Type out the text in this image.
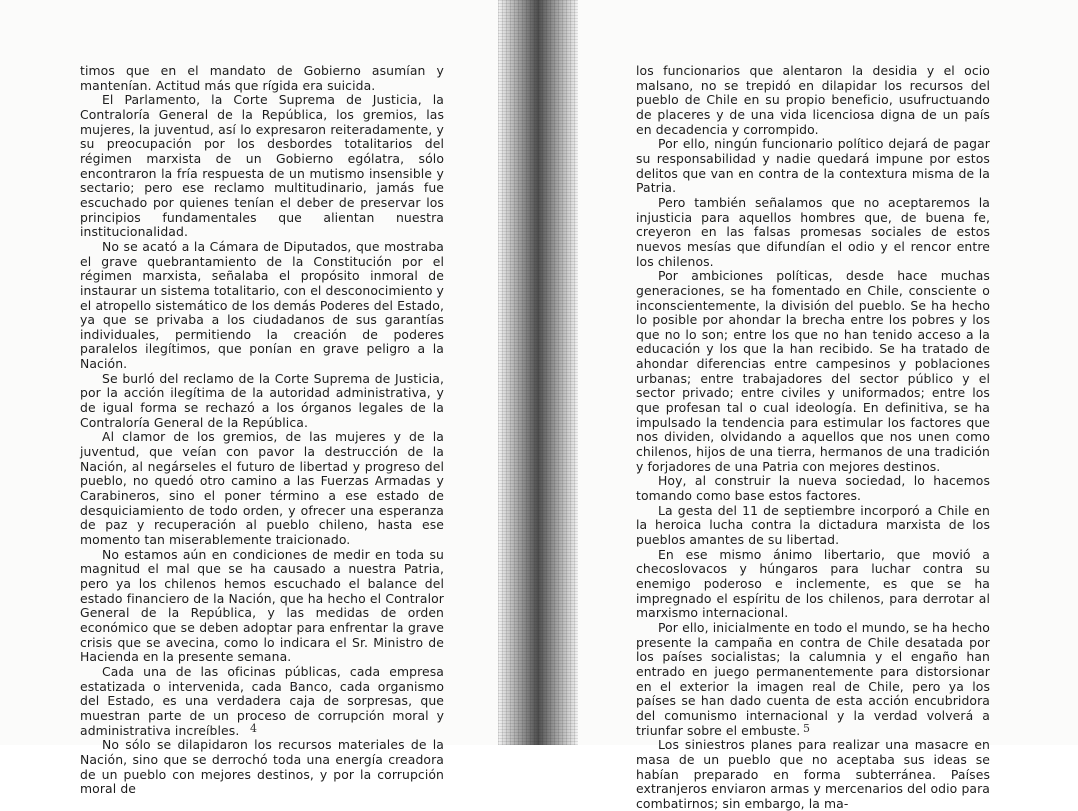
timos que en el mandato de Gobierno asumían y mantenían. Actitud más que rígida era suicida.

El Parlamento, la Corte Suprema de Justicia, la Contraloría General de la República, los gremios, las mujeres, la juventud, así lo expresaron reiteradamente, y su preocupación por los desbordes totalitarios del régimen marxista de un Gobierno ególatra, sólo encontraron la fría respuesta de un mutismo insensible y sectario; pero ese reclamo multitudinario, jamás fue escuchado por quienes tenían el deber de preservar los principios fundamentales que alientan nuestra institucionalidad.

No se acató a la Cámara de Diputados, que mostraba el grave quebrantamiento de la Constitución por el régimen marxista, señalaba el propósito inmoral de instaurar un sistema totalitario, con el desconocimiento y el atropello sistemático de los demás Poderes del Estado, ya que se privaba a los ciudadanos de sus garantías individuales, permitiendo la creación de poderes paralelos ilegítimos, que ponían en grave peligro a la Nación.

Se burló del reclamo de la Corte Suprema de Justicia, por la acción ilegítima de la autoridad administrativa, y de igual forma se rechazó a los órganos legales de la Contraloría General de la República.

Al clamor de los gremios, de las mujeres y de la juventud, que veían con pavor la destrucción de la Nación, al negárseles el futuro de libertad y progreso del pueblo, no quedó otro camino a las Fuerzas Armadas y Carabineros, sino el poner término a ese estado de desquiciamiento de todo orden, y ofrecer una esperanza de paz y recuperación al pueblo chileno, hasta ese momento tan miserablemente traicionado.

No estamos aún en condiciones de medir en toda su magnitud el mal que se ha causado a nuestra Patria, pero ya los chilenos hemos escuchado el balance del estado financiero de la Nación, que ha hecho el Contralor General de la República, y las medidas de orden económico que se deben adoptar para enfrentar la grave crisis que se avecina, como lo indicara el Sr. Ministro de Hacienda en la presente semana.

Cada una de las oficinas públicas, cada empresa estatizada o intervenida, cada Banco, cada organismo del Estado, es una verdadera caja de sorpresas, que muestran parte de un proceso de corrupción moral y administrativa increíbles.

No sólo se dilapidaron los recursos materiales de la Nación, sino que se derrochó toda una energía creadora de un pueblo con mejores destinos, y por la corrupción moral de

los funcionarios que alentaron la desidia y el ocio malsano, no se trepidó en dilapidar los recursos del pueblo de Chile en su propio beneficio, usufructuando de placeres y de una vida licenciosa digna de un país en decadencia y corrompido.

Por ello, ningún funcionario político dejará de pagar su responsabilidad y nadie quedará impune por estos delitos que van en contra de la contextura misma de la Patria.

Pero también señalamos que no aceptaremos la injusticia para aquellos hombres que, de buena fe, creyeron en las falsas promesas sociales de estos nuevos mesías que difundían el odio y el rencor entre los chilenos.

Por ambiciones políticas, desde hace muchas generaciones, se ha fomentado en Chile, consciente o inconscientemente, la división del pueblo. Se ha hecho lo posible por ahondar la brecha entre los pobres y los que no lo son; entre los que no han tenido acceso a la educación y los que la han recibido. Se ha tratado de ahondar diferencias entre campesinos y poblaciones urbanas; entre trabajadores del sector público y el sector privado; entre civiles y uniformados; entre los que profesan tal o cual ideología. En definitiva, se ha impulsado la tendencia para estimular los factores que nos dividen, olvidando a aquellos que nos unen como chilenos, hijos de una tierra, hermanos de una tradición y forjadores de una Patria con mejores destinos.

Hoy, al construir la nueva sociedad, lo hacemos tomando como base estos factores.

La gesta del 11 de septiembre incorporó a Chile en la heroica lucha contra la dictadura marxista de los pueblos amantes de su libertad.

En ese mismo ánimo libertario, que movió a checoslovacos y húngaros para luchar contra su enemigo poderoso e inclemente, es que se ha impregnado el espíritu de los chilenos, para derrotar al marxismo internacional.

Por ello, inicialmente en todo el mundo, se ha hecho presente la campaña en contra de Chile desatada por los países socialistas; la calumnia y el engaño han entrado en juego permanentemente para distorsionar en el exterior la imagen real de Chile, pero ya los países se han dado cuenta de esta acción encubridora del comunismo internacional y la verdad volverá a triunfar sobre el embuste.

Los siniestros planes para realizar una masacre en masa de un pueblo que no aceptaba sus ideas se habían preparado en forma subterránea. Países extranjeros enviaron armas y mercenarios del odio para combatirnos; sin embargo, la ma-

4	5
